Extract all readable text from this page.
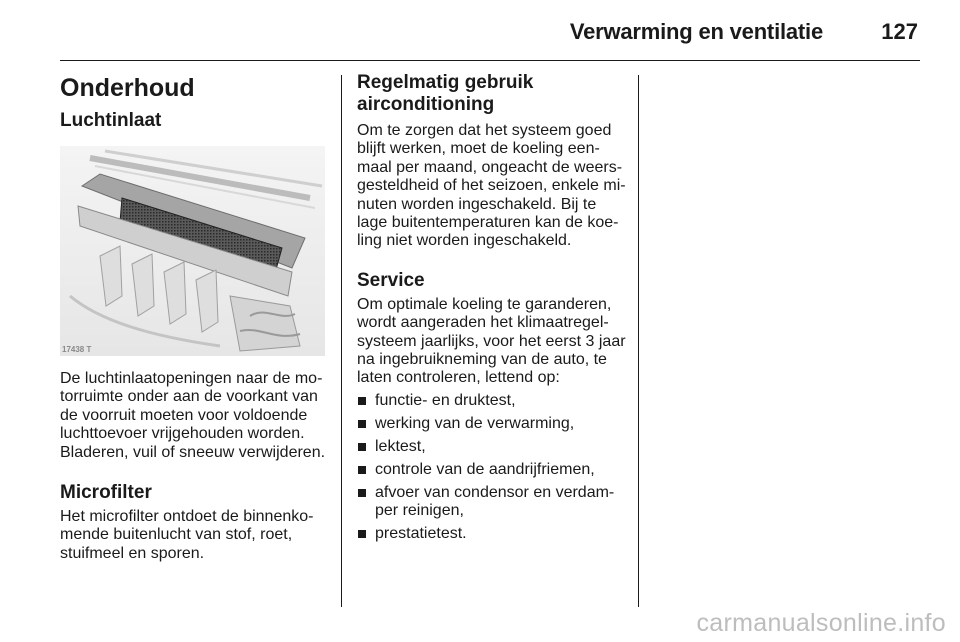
Verwarming en ventilatie	127
Onderhoud
Luchtinlaat
17438 T

De luchtinlaatopeningen naar de mo-torruimte onder aan de voorkant van de voorruit moeten voor voldoende luchttoevoer vrijgehouden worden. Bladeren, vuil of sneeuw verwijderen.

Microfilter

Het microfilter ontdoet de binnenko-mende buitenlucht van stof, roet, stuifmeel en sporen.

Regelmatig gebruik airconditioning

Om te zorgen dat het systeem goed blijft werken, moet de koeling een-maal per maand, ongeacht de weers-gesteldheid of het seizoen, enkele mi-nuten worden ingeschakeld. Bij te lage buitentemperaturen kan de koe-ling niet worden ingeschakeld.

Service

Om optimale koeling te garanderen, wordt aangeraden het klimaatregel-systeem jaarlijks, voor het eerst 3 jaar na ingebruikneming van de auto, te laten controleren, lettend op:

functie- en druktest,
werking van de verwarming,
lektest,
controle van de aandrijfriemen,
afvoer van condensor en verdam-per reinigen,
prestatietest.
carmanualsonline.info
